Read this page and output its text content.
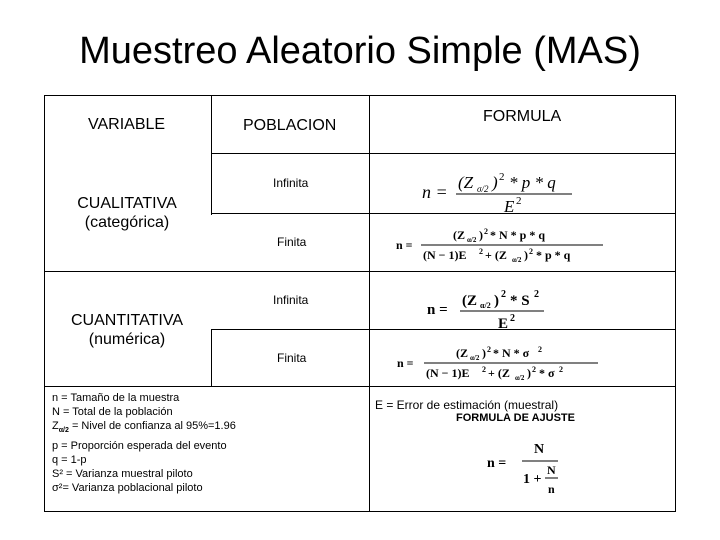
Muestreo Aleatorio Simple (MAS)
VARIABLE	POBLACION
FORMULA
CUALITATIVA
(categórica)
Infinita
Finita
CUANTITATIVA
(numérica)
Infinita
Finita
n = (Z σ/2 ) 2 * p * q
E 2
n =
(Z α/2 ) 2 * N * p * q
(N − 1)E 2 + (Z α/2 ) 2 * p * q
n =
(Z α/2 ) 2 * S 2
E 2
n =
(Z α/2 ) 2 * N * σ 2
(N − 1)E 2 + (Z α/2 ) 2 * σ 2
n = Tamaño de la muestra
N = Total de la población
$Z_{\alpha/2}$ = Nivel de confianza al 95%=1.96
p = Proporción esperada del evento
q = 1-p
S² = Varianza muestral piloto
σ²= Varianza poblacional piloto
E = Error de estimación (muestral)
FORMULA DE AJUSTE
n =
N
1 +
N
n
